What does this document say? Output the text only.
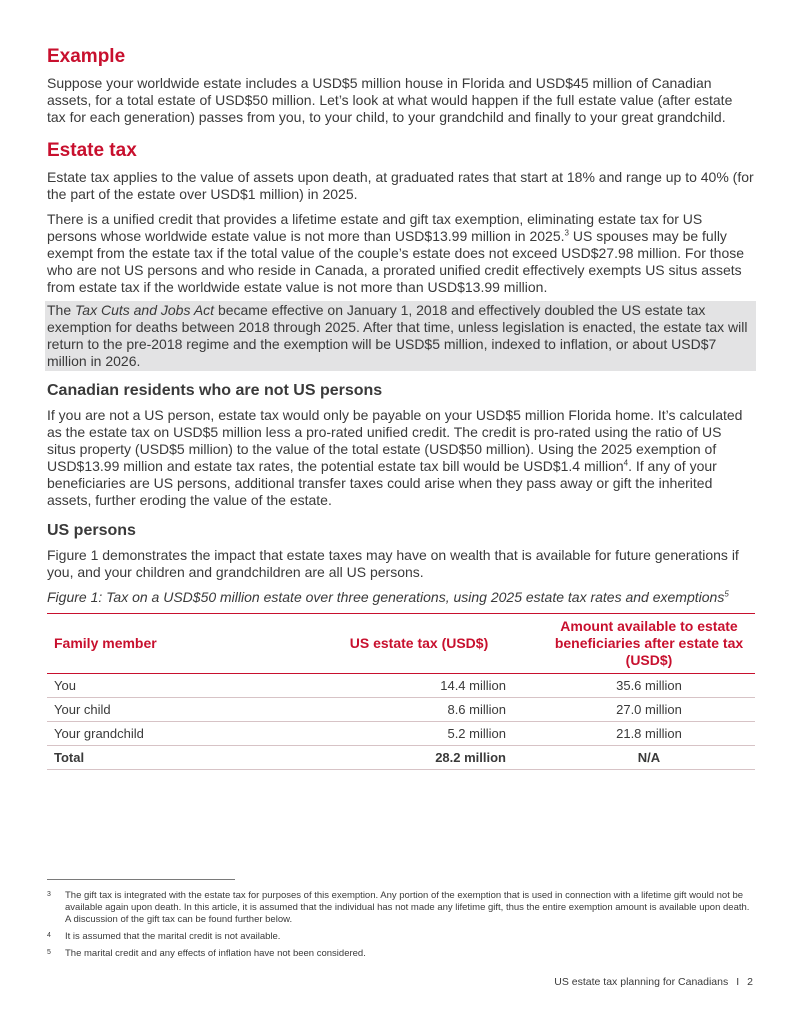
Example

Suppose your worldwide estate includes a USD$5 million house in Florida and USD$45 million of Canadian assets, for a total estate of USD$50 million. Let’s look at what would happen if the full estate value (after estate tax for each generation) passes from you, to your child, to your grandchild and finally to your great grandchild.

Estate tax

Estate tax applies to the value of assets upon death, at graduated rates that start at 18% and range up to 40% (for the part of the estate over USD$1 million) in 2025.

There is a unified credit that provides a lifetime estate and gift tax exemption, eliminating estate tax for US persons whose worldwide estate value is not more than USD$13.99 million in 2025.$^3$ US spouses may be fully exempt from the estate tax if the total value of the couple’s estate does not exceed USD$27.98 million. For those who are not US persons and who reside in Canada, a prorated unified credit effectively exempts US situs assets from estate tax if the worldwide estate value is not more than USD$13.99 million.

The Tax Cuts and Jobs Act became effective on January 1, 2018 and effectively doubled the US estate tax exemption for deaths between 2018 through 2025. After that time, unless legislation is enacted, the estate tax will return to the pre-2018 regime and the exemption will be USD$5 million, indexed to inflation, or about USD$7 million in 2026.
Canadian residents who are not US persons

If you are not a US person, estate tax would only be payable on your USD$5 million Florida home. It’s calculated as the estate tax on USD$5 million less a pro-rated unified credit. The credit is pro-rated using the ratio of US situs property (USD$5 million) to the value of the total estate (USD$50 million). Using the 2025 exemption of USD$13.99 million and estate tax rates, the potential estate tax bill would be USD$1.4 million$^4$. If any of your beneficiaries are US persons, additional transfer taxes could arise when they pass away or gift the inherited assets, further eroding the value of the estate.

US persons

Figure 1 demonstrates the impact that estate taxes may have on wealth that is available for future generations if you, and your children and grandchildren are all US persons.

Figure 1: Tax on a USD$50 million estate over three generations, using 2025 estate tax rates and exemptions$^5$
Family member	US estate tax (USD$)	Amount available to estate beneficiaries after estate tax (USD$)
You	14.4 million	35.6 million
Your child	8.6 million	27.0 million
Your grandchild	5.2 million	21.8 million
Total	28.2 million	N/A
3	The gift tax is integrated with the estate tax for purposes of this exemption. Any portion of the exemption that is used in connection with a lifetime gift would not be available again upon death. In this article, it is assumed that the individual has not made any lifetime gift, thus the entire exemption amount is available upon death. A discussion of the gift tax can be found further below.
4	It is assumed that the marital credit is not available.
5	The marital credit and any effects of inflation have not been considered.
US estate tax planning for Canadians I 2
